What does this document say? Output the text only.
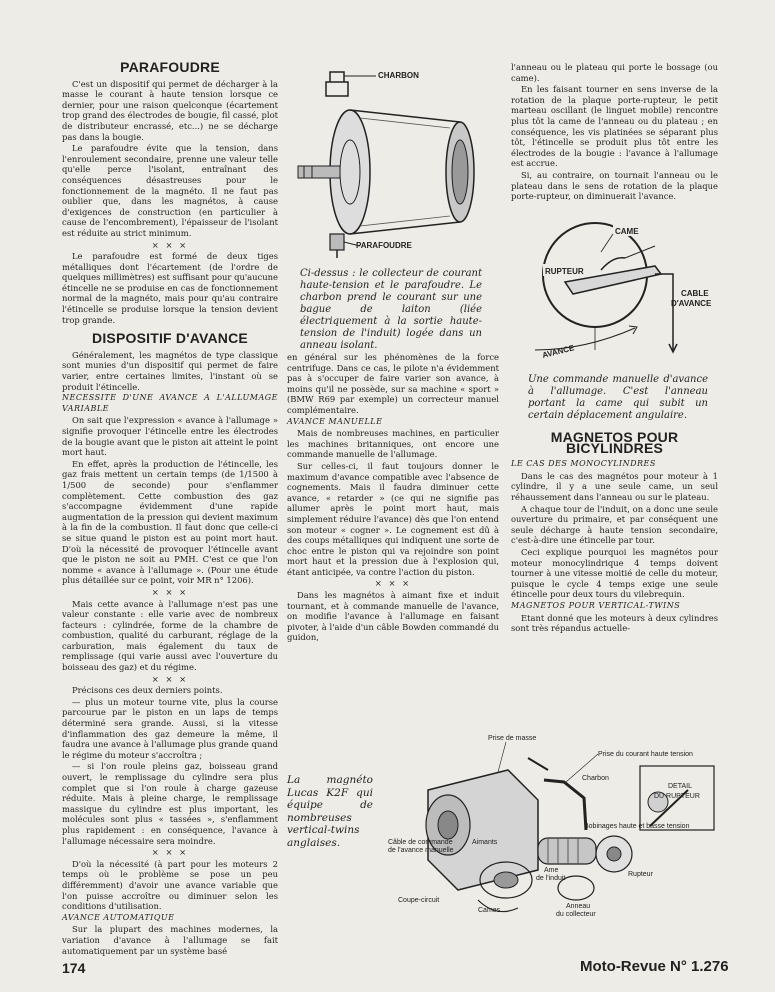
PARAFOUDRE

C'est un dispositif qui permet de décharger à la masse le courant à haute tension lorsque ce dernier, pour une raison quelconque (écartement trop grand des électrodes de bougie, fil cassé, plot de distributeur encrassé, etc...) ne se décharge pas dans la bougie.

Le parafoudre évite que la tension, dans l'enroulement secondaire, prenne une valeur telle qu'elle perce l'isolant, entraînant des conséquences désastreuses pour le fonctionnement de la magnéto. Il ne faut pas oublier que, dans les magnétos, à cause d'exigences de construction (en particulier à cause de l'encombrement), l'épaisseur de l'isolant est réduite au strict minimum.

× × ×

Le parafoudre est formé de deux tiges métalliques dont l'écartement (de l'ordre de quelques millimètres) est suffisant pour qu'aucune étincelle ne se produise en cas de fonctionnement normal de la magnéto, mais pour qu'au contraire l'étincelle se produise lorsque la tension devient trop grande.

DISPOSITIF D'AVANCE

Généralement, les magnétos de type classique sont munies d'un dispositif qui permet de faire varier, entre certaines limites, l'instant où se produit l'étincelle.

NECESSITE D'UNE AVANCE A L'ALLUMAGE VARIABLE

On sait que l'expression « avance à l'allumage » signifie provoquer l'étincelle entre les électrodes de la bougie avant que le piston ait atteint le point mort haut.

En effet, après la production de l'étincelle, les gaz frais mettent un certain temps (de 1/1500 à 1/500 de seconde) pour s'enflammer complètement. Cette combustion des gaz s'accompagne évidemment d'une rapide augmentation de la pression qui devient maximum à la fin de la combustion. Il faut donc que celle-ci se situe quand le piston est au point mort haut. D'où la nécessité de provoquer l'étincelle avant que le piston ne soit au PMH. C'est ce que l'on nomme « avance à l'allumage ». (Pour une étude plus détaillée sur ce point, voir MR n° 1206).

× × ×

Mais cette avance à l'allumage n'est pas une valeur constante : elle varie avec de nombreux facteurs : cylindrée, forme de la chambre de combustion, qualité du carburant, réglage de la carburation, mais également du taux de remplissage (qui varie aussi avec l'ouverture du boisseau des gaz) et du régime.

× × ×

Précisons ces deux derniers points.

— plus un moteur tourne vite, plus la course parcourue par le piston en un laps de temps déterminé sera grande. Aussi, si la vitesse d'inflammation des gaz demeure la même, il faudra une avance à l'allumage plus grande quand le régime du moteur s'accroîtra ;

— si l'on roule pleins gaz, boisseau grand ouvert, le remplissage du cylindre sera plus complet que si l'on roule à charge gazeuse réduite. Mais à pleine charge, le remplissage massique du cylindre est plus important, les molécules sont plus « tassées », s'enflamment plus rapidement : en conséquence, l'avance à l'allumage nécessaire sera moindre.

× × ×

D'où la nécessité (à part pour les moteurs 2 temps où le problème se pose un peu différemment) d'avoir une avance variable que l'on puisse accroître ou diminuer selon les conditions d'utilisation.

AVANCE AUTOMATIQUE

Sur la plupart des machines modernes, la variation d'avance à l'allumage se fait automatiquement par un système basé

CHARBON
PARAFOUDRE
Ci-dessus : le collecteur de courant haute-tension et le parafoudre. Le charbon prend le courant sur une bague de laiton (liée électriquement à la sortie haute-tension de l'induit) logée dans un anneau isolant.

en général sur les phénomènes de la force centrifuge. Dans ce cas, le pilote n'a évidemment pas à s'occuper de faire varier son avance, à moins qu'il ne possède, sur sa machine « sport » (BMW R69 par exemple) un correcteur manuel complémentaire.

AVANCE MANUELLE

Mais de nombreuses machines, en particulier les machines britanniques, ont encore une commande manuelle de l'allumage.

Sur celles-ci, il faut toujours donner le maximum d'avance compatible avec l'absence de cognements. Mais il faudra diminuer cette avance, « retarder » (ce qui ne signifie pas allumer après le point mort haut, mais simplement réduire l'avance) dès que l'on entend son moteur « cogner ». Le cognement est dû à des coups métalliques qui indiquent une sorte de choc entre le piston qui va rejoindre son point mort haut et la pression due à l'explosion qui, étant anticipée, va contre l'action du piston.

× × ×

Dans les magnétos à aimant fixe et induit tournant, et à commande manuelle de l'avance, on modifie l'avance à l'allumage en faisant pivoter, à l'aide d'un câble Bowden commandé du guidon,

l'anneau ou le plateau qui porte le bossage (ou came).

En les faisant tourner en sens inverse de la rotation de la plaque porte-rupteur, le petit marteau oscillant (le linguet mobile) rencontre plus tôt la came de l'anneau ou du plateau ; en conséquence, les vis platinées se séparant plus tôt, l'étincelle se produit plus tôt entre les électrodes de la bougie : l'avance à l'allumage est accrue.

Si, au contraire, on tournait l'anneau ou le plateau dans le sens de rotation de la plaque porte-rupteur, on diminuerait l'avance.

CAME
RUPTEUR
CABLE
D'AVANCE
AVANCE
Une commande manuelle d'avance à l'allumage. C'est l'anneau portant la came qui subit un certain déplacement angulaire.
MAGNETOS POUR BICYLINDRES

LE CAS DES MONOCYLINDRES

Dans le cas des magnétos pour moteur à 1 cylindre, il y a une seule came, un seul réhaussement dans l'anneau ou sur le plateau.

A chaque tour de l'induit, on a donc une seule ouverture du primaire, et par conséquent une seule décharge à haute tension secondaire, c'est-à-dire une étincelle par tour.

Ceci explique pourquoi les magnétos pour moteur monocylindrique 4 temps doivent tourner à une vitesse moitié de celle du moteur, puisque le cycle 4 temps exige une seule étincelle pour deux tours du vilebrequin.

MAGNETOS POUR VERTICAL-TWINS

Etant donné que les moteurs à deux cylindres sont très répandus actuelle-

La magnéto Lucas K2F qui équipe de nombreuses vertical-twins anglaises.
Prise de masse
Prise du courant haute tension
Charbon
DETAIL
DU RUPTEUR
Câble de commande
de l'avance manuelle
Aimants
Bobinages haute et basse tension
Ame
de l'induit
Rupteur
Anneau
du collecteur
Coupe-circuit
Cames
174	Moto-Revue N° 1.276
